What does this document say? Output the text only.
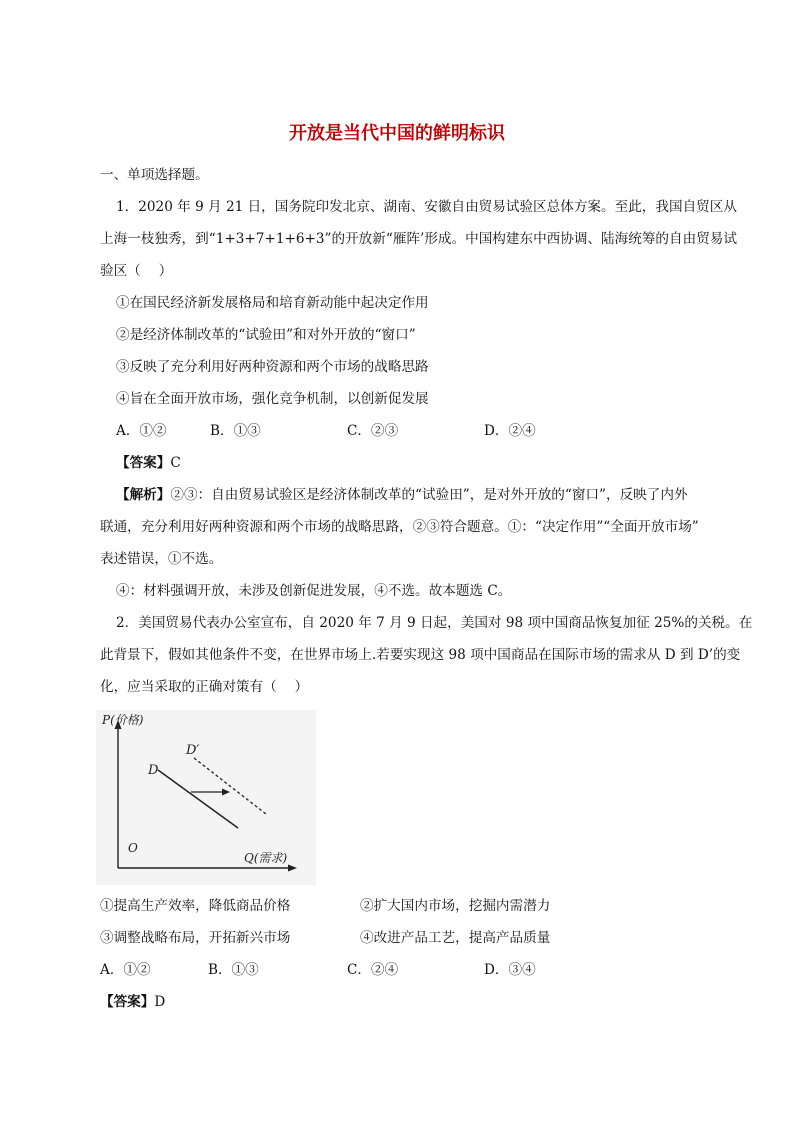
开放是当代中国的鲜明标识
一、单项选择题。
1．2020 年 9 月 21 日，国务院印发北京、湖南、安徽自由贸易试验区总体方案。至此，我国自贸区从
上海一枝独秀，到“1+3+7+1+6+3”的开放新“雁阵’形成。中国构建东中西协调、陆海统筹的自由贸易试
验区（　 ）
①在国民经济新发展格局和培育新动能中起决定作用
②是经济体制改革的“试验田”和对外开放的“窗口”
③反映了充分利用好两种资源和两个市场的战略思路
④旨在全面开放市场，强化竞争机制，以创新促发展
A．①②	B．①③	C．②③	D．②④
【答案】C
【解析】②③：自由贸易试验区是经济体制改革的“试验田”，是对外开放的“窗口”，反映了内外
联通，充分利用好两种资源和两个市场的战略思路，②③符合题意。①：“决定作用”“全面开放市场”
表述错误，①不选。
④：材料强调开放，未涉及创新促进发展，④不选。故本题选 C。
2．美国贸易代表办公室宣布，自 2020 年 7 月 9 日起，美国对 98 项中国商品恢复加征 25%的关税。在
此背景下，假如其他条件不变，在世界市场上.若要实现这 98 项中国商品在国际市场的需求从 D 到 D’的变
化，应当采取的正确对策有（　 ）
P(价格)
Q(需求)
O
D
D′
①提高生产效率，降低商品价格	②扩大国内市场，挖掘内需潜力
③调整战略布局，开拓新兴市场	④改进产品工艺，提高产品质量
A．①②	B．①③	C．②④	D．③④
【答案】D
